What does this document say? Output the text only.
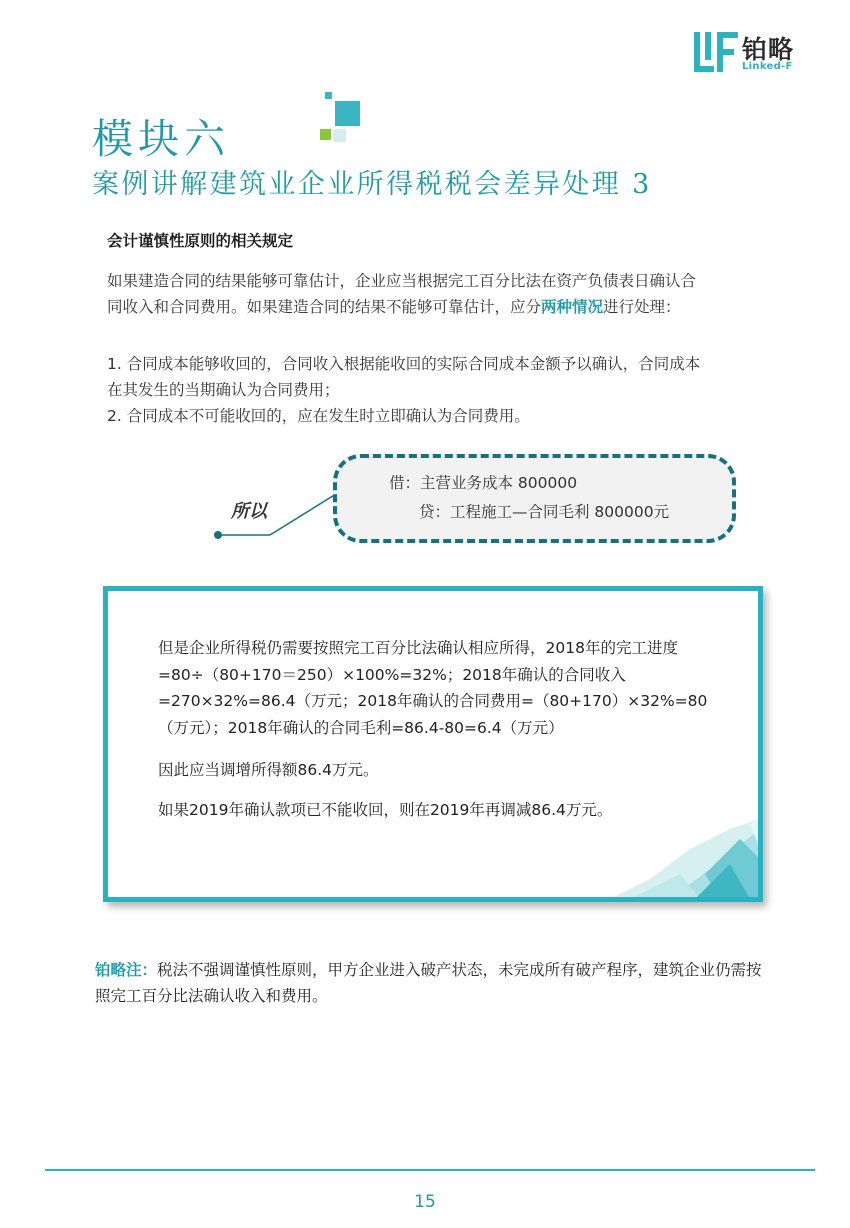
铂略
Linked-F
模块六
案例讲解建筑业企业所得税税会差异处理 3
会计谨慎性原则的相关规定
如果建造合同的结果能够可靠估计，企业应当根据完工百分比法在资产负债表日确认合同收入和合同费用。如果建造合同的结果不能够可靠估计，应分两种情况进行处理：
1. 合同成本能够收回的，合同收入根据能收回的实际合同成本金额予以确认，合同成本在其发生的当期确认为合同费用；
2. 合同成本不可能收回的，应在发生时立即确认为合同费用。
所以
借：主营业务成本 800000
贷：工程施工—合同毛利 800000元
但是企业所得税仍需要按照完工百分比法确认相应所得，2018年的完工进度=80÷（80+170＝250）×100%=32%；2018年确认的合同收入=270×32%=86.4（万元；2018年确认的合同费用=（80+170）×32%=80（万元）；2018年确认的合同毛利=86.4-80=6.4（万元）
因此应当调增所得额86.4万元。
如果2019年确认款项已不能收回，则在2019年再调减86.4万元。
铂略注：税法不强调谨慎性原则，甲方企业进入破产状态，未完成所有破产程序，建筑企业仍需按照完工百分比法确认收入和费用。
15
